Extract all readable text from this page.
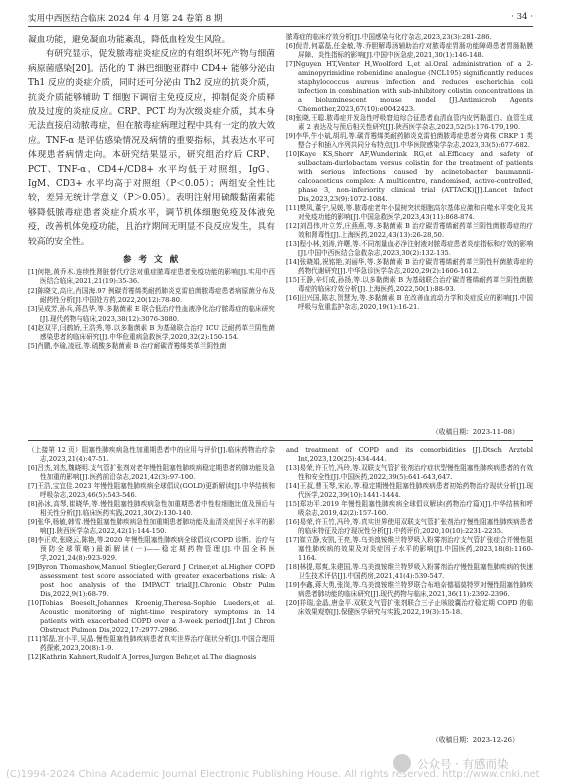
实用中西医结合临床 2024 年 4 月第 24 卷第 8 期	· 34 ·

凝血功能，避免凝血功能紊乱，降低血栓发生风险。

有研究显示，促发脓毒症炎症反应的有组织坏死产物与细菌病原菌感染[20]。活化的 T 淋巴细胞亚群中 CD4+ 能够分泌由 Th1 反应的炎症介质，同时还可分泌由 Th2 反应的抗炎介质，抗炎介质能够辅助 T 细胞下调宿主免疫反应，抑制促炎介质释放及过度的炎症反应。CRP、PCT 均为次级炎症介质，其本身无法直接启动脓毒症，但在脓毒症病理过程中具有一定的放大效应。TNF-α 是评估感染情况及病情的重要指标，其表达水平可体现患者病情走向。本研究结果显示，研究组治疗后 CRP、PCT、TNF-α、CD4+/CD8+ 水平均低于对照组，IgG、IgM、CD3+ 水平均高于对照组（P＜0.05）；两组安全性比较，差异无统计学意义（P＞0.05）。表明注射用硫酸黏菌素能够降低脓毒症患者炎症介质水平，调节机体细胞免疫及体液免疫，改善机体免疫功能，且治疗期间无明显不良反应发生，具有较高的安全性。

参 考 文 献
[1]何艳,黄乔木.连续性肾脏替代疗法对重症脓毒症患者免疫功能的影响[J].实用中西医结合临床,2021,21(19):35-36.
[2]陈晓文,高庄,肖国海.97 例碳青霉烯类耐药肺炎克雷伯菌脓毒症患者病原菌分布及耐药性分析[J].中国处方药,2022,20(12):78-80.
[3]吴成芳,孙兵,蒋昌华,等.多黏菌素 E 联合低治疗性血液净化治疗脓毒症的临床研究[J].现代药物与临床,2023,38(12):3076-3080.
[4]赵双平,闫鹤娇,王浩秀,等.以多黏菌素 B 为基础联合治疗 ICU 泛耐药革兰阴性菌感染患者的临床研究[J].中华危重病急救医学,2020,32(2):150-154.
[5]肖鹏,李瑜,凌冠,等.硫酸多黏菌素 B 治疗耐碳青霉烯类革兰阴性菌
脓毒症的临床疗效分析[J].中国感染与化疗杂志,2023,23(3):281-286.
[6]倪青,何嘉磊,任金敏,等.乔胆解毒汤辅助治疗对脓毒症胃肠功能障碍患者胃肠黏膜屏障、炎性指标的影响[J].中国中医急症,2021,30(1):146-148.
[7]Nguyen HT,Venter H,Woolford L,et al.Oral administration of a 2-aminopyrimidine robenidine analogue (NCL195) significantly reduces staphylococcus aureus infection and reduces escherichia coli infection in combination with sub-inhibitory colistin concentrations in a bioluminescent mouse model [J].Antimicrob Agents Chemother,2023,67(10):e0042423.
[8]张晓,王聪.脓毒症并发急性呼吸窘迫综合征患者血清血管内皮钙黏蛋白、血管生成素 2 表达及与预后相关性研究[J].陕西医学杂志,2023,52(5):176-179,190.
[9]李华,牛小斌,胡玥,等.碳青霉烯类耐药肺炎克雷伯菌脓毒症患者分离株 CRKP 1 类整合子和插入序列共同分布特点[J].中华医院感染学杂志,2023,33(5):677-682.
[10]Kaye KS,Shorr AF,Wunderink RG,et al.Efficacy and safety of sulbactam-durlobactam versus colistin for the treatment of patients with serious infections caused by acinetobacter baumannii-calcoaceticus complex: A multicentre, randomised, active-controlled, phase 3, non-inferiority clinical trial (ATTACK)[J].Lancet Infect Dis,2023,23(9):1072-1084.
[11]樊凤,董宁,吴媛,等.脓毒症老年小鼠树突状细胞高尔基体应激和自噬水平变化及其对免疫功能的影响[J].中国急救医学,2023,43(11):868-874.
[12]刘昌伟,叶立芳,庄燕燕,等.多黏菌素 B 治疗碳青霉烯耐药革兰阴性菌脓毒症的疗效和肾毒性[J].上海医药,2022,43(13):26-28,50.
[13]程小林,刘涛,许曙,等.不同剂量血必净注射液对脓毒症患者炎症指标和疗效的影响[J].中国中西医结合急救杂志,2023,30(2):132-135.
[14]张晓娟,祝铭艳,刘丽华,等.多黏菌素 B 治疗碳青霉烯耐药革兰阴性杆菌脓毒症的药物代谢研究[J].中华急诊医学杂志,2020,29(2):1606-1612.
[15]王静,辛灯成,孙扬,等.以多黏菌素 B 为基础联合治疗碳青霉烯耐药革兰阴性菌脓毒症的临床疗效分析[J].上海医药,2022,50(1):88-93.
[16]田兴国,陈志,贺慧为,等.多黏菌素 B 在改善血流动力学和炎症反应的影响[J].中国呼吸与危重监护杂志,2020,19(1):16-21.
（收稿日期：2023-11-08）
（上接第 12 页）阻塞性肺疾病急性加重期患者中的应用与评价[J].临床药物治疗杂志,2023,21(4):47-51.
[6]吕杰,刘杰,魏晓明.支气管扩张剂对老年慢性阻塞性肺疾病稳定期患者的肺功能及急性加重的影响[J].医药前沿杂志,2021,42(3):97-100.
[7]王浩,宝宜佳.2023 年慢性阻塞性肺疾病全球倡议(GOLD)更新解读[J].中华结核和呼吸杂志,2023,46(5):543-546.
[8]孙冰,高琴,崔晓华,等.慢性阻塞性肺疾病急性加重期患者中性粒细胞比值及预后与相关性分析[J].临床医药实践,2021,30(2):130-140.
[9]张华,杨敏,韩雪.慢性阻塞性肺疾病急性加重期患者肺功能及血清炎症因子水平的影响[J].陕西医学杂志,2022,42(1):144-150.
[8]李正欢,张晓云,陈艳,等.2020 年慢性阻塞性肺疾病全球倡议(COPD 诊断、治疗与预防全球策略)最新解读(一)——稳定期药物管理[J].中国全科医学,2021,24(8):923-929.
[9]Byron Thomashow,Manuel Stiegler,Gerard J Criner,et al.Higher COPD assessment test score associated with greater exacerbations risk: A post hoc analysis of the IMPACT trial[J].Chronic Obstr Pulm Dis,2022,9(1):68-79.
[10]Tobias Boeselt,Johannes Kroenig,Theresa-Sophie Lueders,et al. Acoustic monitoring of night-time respiratory symptoms in 14 patients with exacerbated COPD over a 3-week period[J].Int J Chron Obstruct Pulmon Dis,2022,17:2977-2986.
[11]邹磊,宫小平,吴晶.慢性阻塞性肺疾病患者真实世界治疗现状分析[J].中国合理用药探索,2023,20(8):1-9.
[12]Kathrin Kahnert,Rudolf A Jorres,Jurgen Behr,et al.The diagnosis
and treatment of COPD and its comorbidities [J].Dtsch Arztebl Int,2023,120(25):434-444.
[13]易荣,许玉竹,冯玲,等.双联支气管扩张剂治疗症状型慢性阻塞性肺疾病患者的有效性和安全性[J].中国医药,2022,39(5):641-643,647.
[14]王叔,曹玉琴,宋沁,等.稳定期慢性阻塞性肺疾病患者初始药物治疗现状分析[J].现代医学,2022,39(10):1441-1444.
[15]郑功平.2019 年慢性阻塞性肺疾病全球倡议解读(药物治疗篇)[J].中华结核和呼吸杂志,2019,42(2):157-160.
[16]易荣,许玉竹,冯玲,等.真实世界使用双联支气管扩张剂治疗慢性阻塞性肺疾病患者的临床特征及治疗现况性分析[J].中药评价,2020,10(10):2231-2235.
[17]崔立静,安凯,王亮,等.乌美溴铵维兰特罗吸入粉雾剂治疗支气管扩张症合并慢性阻塞性肺疾病的效果及对炎症因子水平的影响[J].中国医药,2023,18(8):1160-1164.
[18]林提,郑爽,朱建国,等.乌美溴铵维兰特罗吸入粉雾剂治疗慢性阻塞性肺疾病的快速卫生技术评估[J].中国药房,2021,41(4):539-547.
[19]李鑫,蒋大勇,张岗,等.乌美溴铵维兰特罗联合布地奈德福莫特罗对慢性阻塞性肺疾病患者肺功能的临床研究[J].现代药物与临床,2021,36(11):2392-2396.
[20]祥瑞,金晶,唐金平.双联支气管扩张剂联合三子止咳胶囊治疗稳定期 COPD 的临床效果观察[J].保健医学研究与实践,2022,19(3):15-18.
（收稿日期：2023-12-26）
公众号 · 有感而染
(C)1994-2024 China Academic Journal Electronic Publishing House. All rights reserved. http://www.cnki.net
